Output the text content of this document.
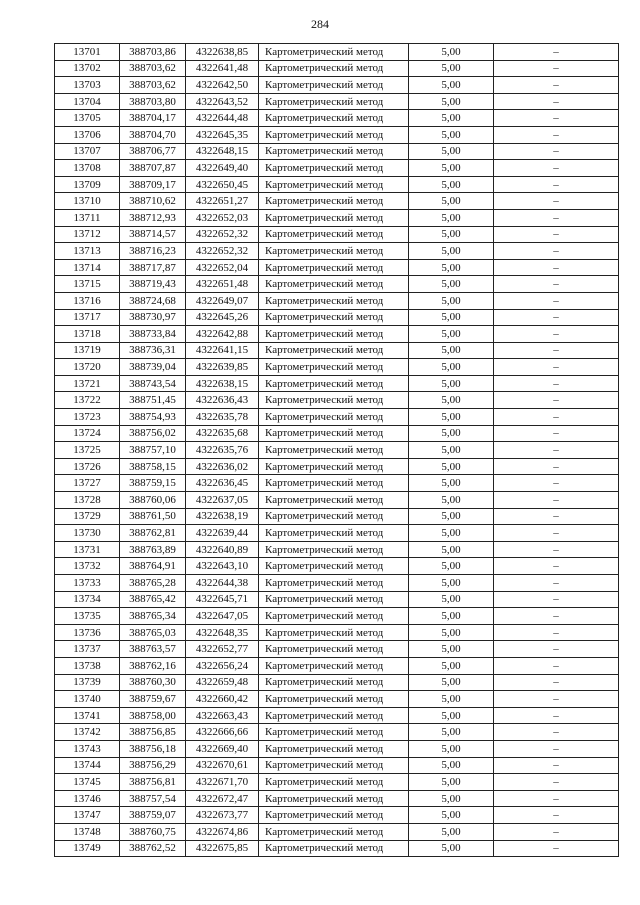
284
13701	388703,86	4322638,85	Картометрический метод	5,00	–
13702	388703,62	4322641,48	Картометрический метод	5,00	–
13703	388703,62	4322642,50	Картометрический метод	5,00	–
13704	388703,80	4322643,52	Картометрический метод	5,00	–
13705	388704,17	4322644,48	Картометрический метод	5,00	–
13706	388704,70	4322645,35	Картометрический метод	5,00	–
13707	388706,77	4322648,15	Картометрический метод	5,00	–
13708	388707,87	4322649,40	Картометрический метод	5,00	–
13709	388709,17	4322650,45	Картометрический метод	5,00	–
13710	388710,62	4322651,27	Картометрический метод	5,00	–
13711	388712,93	4322652,03	Картометрический метод	5,00	–
13712	388714,57	4322652,32	Картометрический метод	5,00	–
13713	388716,23	4322652,32	Картометрический метод	5,00	–
13714	388717,87	4322652,04	Картометрический метод	5,00	–
13715	388719,43	4322651,48	Картометрический метод	5,00	–
13716	388724,68	4322649,07	Картометрический метод	5,00	–
13717	388730,97	4322645,26	Картометрический метод	5,00	–
13718	388733,84	4322642,88	Картометрический метод	5,00	–
13719	388736,31	4322641,15	Картометрический метод	5,00	–
13720	388739,04	4322639,85	Картометрический метод	5,00	–
13721	388743,54	4322638,15	Картометрический метод	5,00	–
13722	388751,45	4322636,43	Картометрический метод	5,00	–
13723	388754,93	4322635,78	Картометрический метод	5,00	–
13724	388756,02	4322635,68	Картометрический метод	5,00	–
13725	388757,10	4322635,76	Картометрический метод	5,00	–
13726	388758,15	4322636,02	Картометрический метод	5,00	–
13727	388759,15	4322636,45	Картометрический метод	5,00	–
13728	388760,06	4322637,05	Картометрический метод	5,00	–
13729	388761,50	4322638,19	Картометрический метод	5,00	–
13730	388762,81	4322639,44	Картометрический метод	5,00	–
13731	388763,89	4322640,89	Картометрический метод	5,00	–
13732	388764,91	4322643,10	Картометрический метод	5,00	–
13733	388765,28	4322644,38	Картометрический метод	5,00	–
13734	388765,42	4322645,71	Картометрический метод	5,00	–
13735	388765,34	4322647,05	Картометрический метод	5,00	–
13736	388765,03	4322648,35	Картометрический метод	5,00	–
13737	388763,57	4322652,77	Картометрический метод	5,00	–
13738	388762,16	4322656,24	Картометрический метод	5,00	–
13739	388760,30	4322659,48	Картометрический метод	5,00	–
13740	388759,67	4322660,42	Картометрический метод	5,00	–
13741	388758,00	4322663,43	Картометрический метод	5,00	–
13742	388756,85	4322666,66	Картометрический метод	5,00	–
13743	388756,18	4322669,40	Картометрический метод	5,00	–
13744	388756,29	4322670,61	Картометрический метод	5,00	–
13745	388756,81	4322671,70	Картометрический метод	5,00	–
13746	388757,54	4322672,47	Картометрический метод	5,00	–
13747	388759,07	4322673,77	Картометрический метод	5,00	–
13748	388760,75	4322674,86	Картометрический метод	5,00	–
13749	388762,52	4322675,85	Картометрический метод	5,00	–
